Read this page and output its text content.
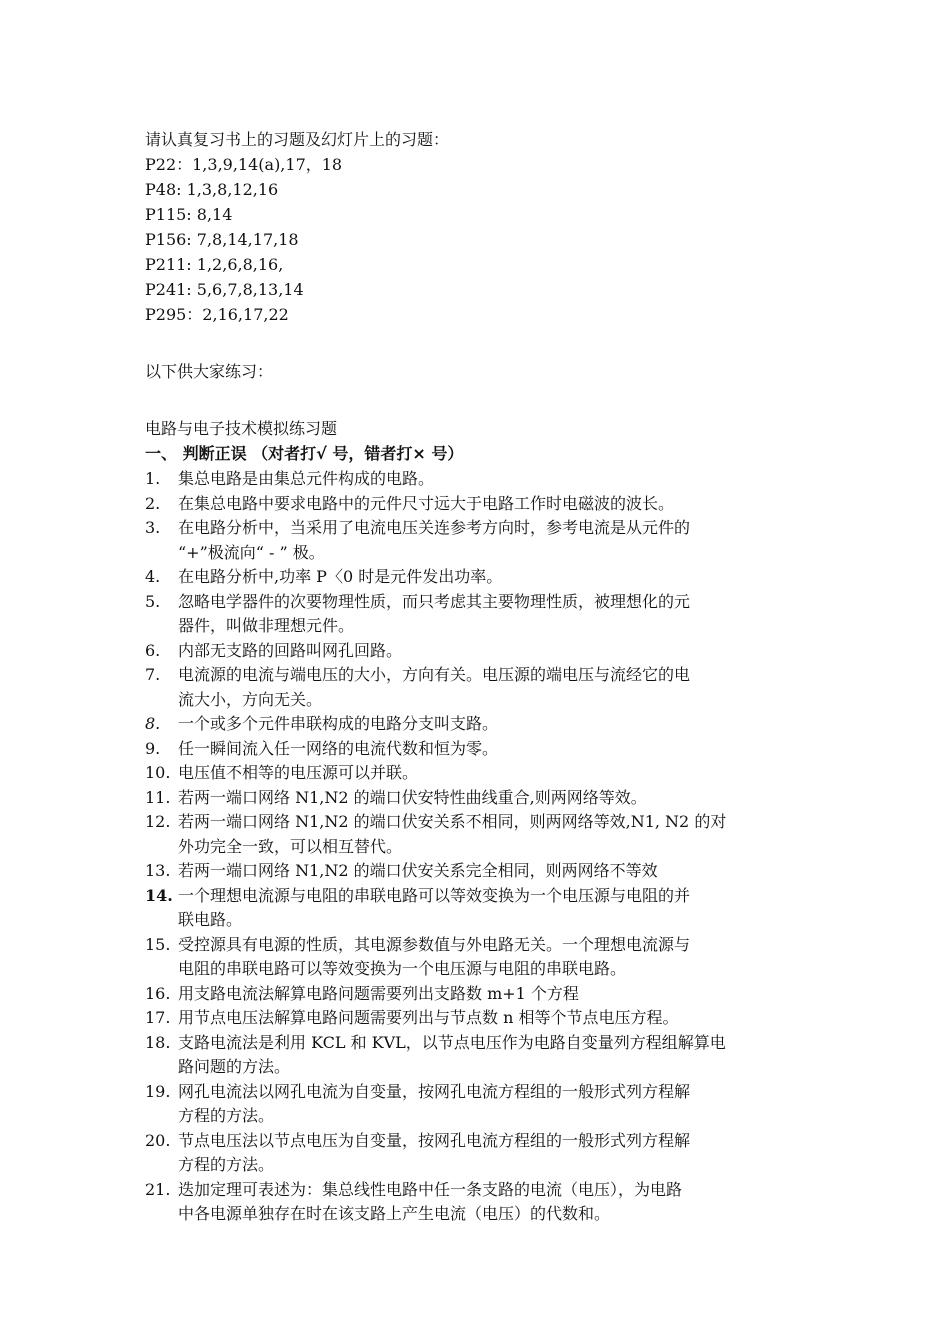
请认真复习书上的习题及幻灯片上的习题：
P22：1,3,9,14(a),17，18
P48: 1,3,8,12,16
P115: 8,14
P156: 7,8,14,17,18
P211: 1,2,6,8,16,
P241: 5,6,7,8,13,14
P295：2,16,17,22
以下供大家练习：
电路与电子技术模拟练习题
一、 判断正误 （对者打√ 号，错者打× 号）
1.	集总电路是由集总元件构成的电路。
2.	在集总电路中要求电路中的元件尺寸远大于电路工作时电磁波的波长。
3.	在电路分析中，当采用了电流电压关连参考方向时，参考电流是从元件的
“+”极流向“ - ” 极。
4.	在电路分析中,功率 P〈0 时是元件发出功率。
5.	忽略电学器件的次要物理性质，而只考虑其主要物理性质，被理想化的元
器件，叫做非理想元件。
6.	内部无支路的回路叫网孔回路。
7.	电流源的电流与端电压的大小，方向有关。电压源的端电压与流经它的电
流大小，方向无关。
8.	一个或多个元件串联构成的电路分支叫支路。
9.	任一瞬间流入任一网络的电流代数和恒为零。
10. 电压值不相等的电压源可以并联。
11. 若两一端口网络 N1,N2 的端口伏安特性曲线重合,则两网络等效。
12. 若两一端口网络 N1,N2 的端口伏安关系不相同，则两网络等效,N1, N2 的对
外功完全一致，可以相互替代。
13. 若两一端口网络 N1,N2 的端口伏安关系完全相同，则两网络不等效
14. 一个理想电流源与电阻的串联电路可以等效变换为一个电压源与电阻的并
联电路。
15. 受控源具有电源的性质，其电源参数值与外电路无关。一个理想电流源与
电阻的串联电路可以等效变换为一个电压源与电阻的串联电路。
16. 用支路电流法解算电路问题需要列出支路数 m+1 个方程
17. 用节点电压法解算电路问题需要列出与节点数 n 相等个节点电压方程。
18. 支路电流法是利用 KCL 和 KVL，以节点电压作为电路自变量列方程组解算电
路问题的方法。
19. 网孔电流法以网孔电流为自变量，按网孔电流方程组的一般形式列方程解
方程的方法。
20. 节点电压法以节点电压为自变量，按网孔电流方程组的一般形式列方程解
方程的方法。
21. 迭加定理可表述为：集总线性电路中任一条支路的电流（电压），为电路
中各电源单独存在时在该支路上产生电流（电压）的代数和。
